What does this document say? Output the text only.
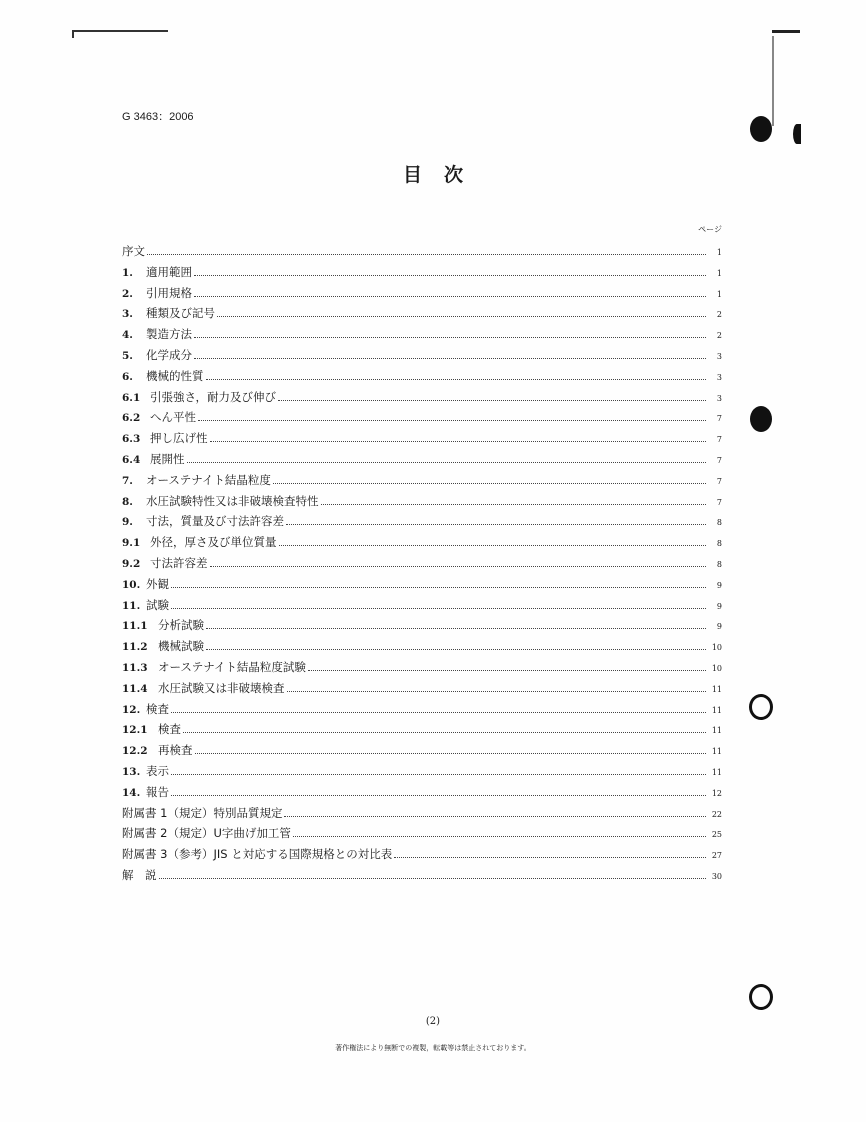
G 3463：2006
目次
ページ
序文	1
1.	適用範囲	1
2.	引用規格	1
3.	種類及び記号	2
4.	製造方法	2
5.	化学成分	3
6.	機械的性質	3
6.1 引張強さ，耐力及び伸び	3
6.2 へん平性	7
6.3 押し広げ性	7
6.4 展開性	7
7.	オーステナイト結晶粒度	7
8.	水圧試験特性又は非破壊検査特性	7
9.	寸法，質量及び寸法許容差	8
9.1 外径，厚さ及び単位質量	8
9.2 寸法許容差	8
10. 外観	9
11. 試験	9
11.1 分析試験	9
11.2 機械試験	10
11.3 オーステナイト結晶粒度試験	10
11.4 水圧試験又は非破壊検査	11
12. 検査	11
12.1 検査	11
12.2 再検査	11
13. 表示	11
14. 報告	12
附属書 1（規定）特別品質規定	22
附属書 2（規定）U字曲げ加工管	25
附属書 3（参考）JIS と対応する国際規格との対比表	27
解　説	30
(2)
著作権法により無断での複製，転載等は禁止されております。
